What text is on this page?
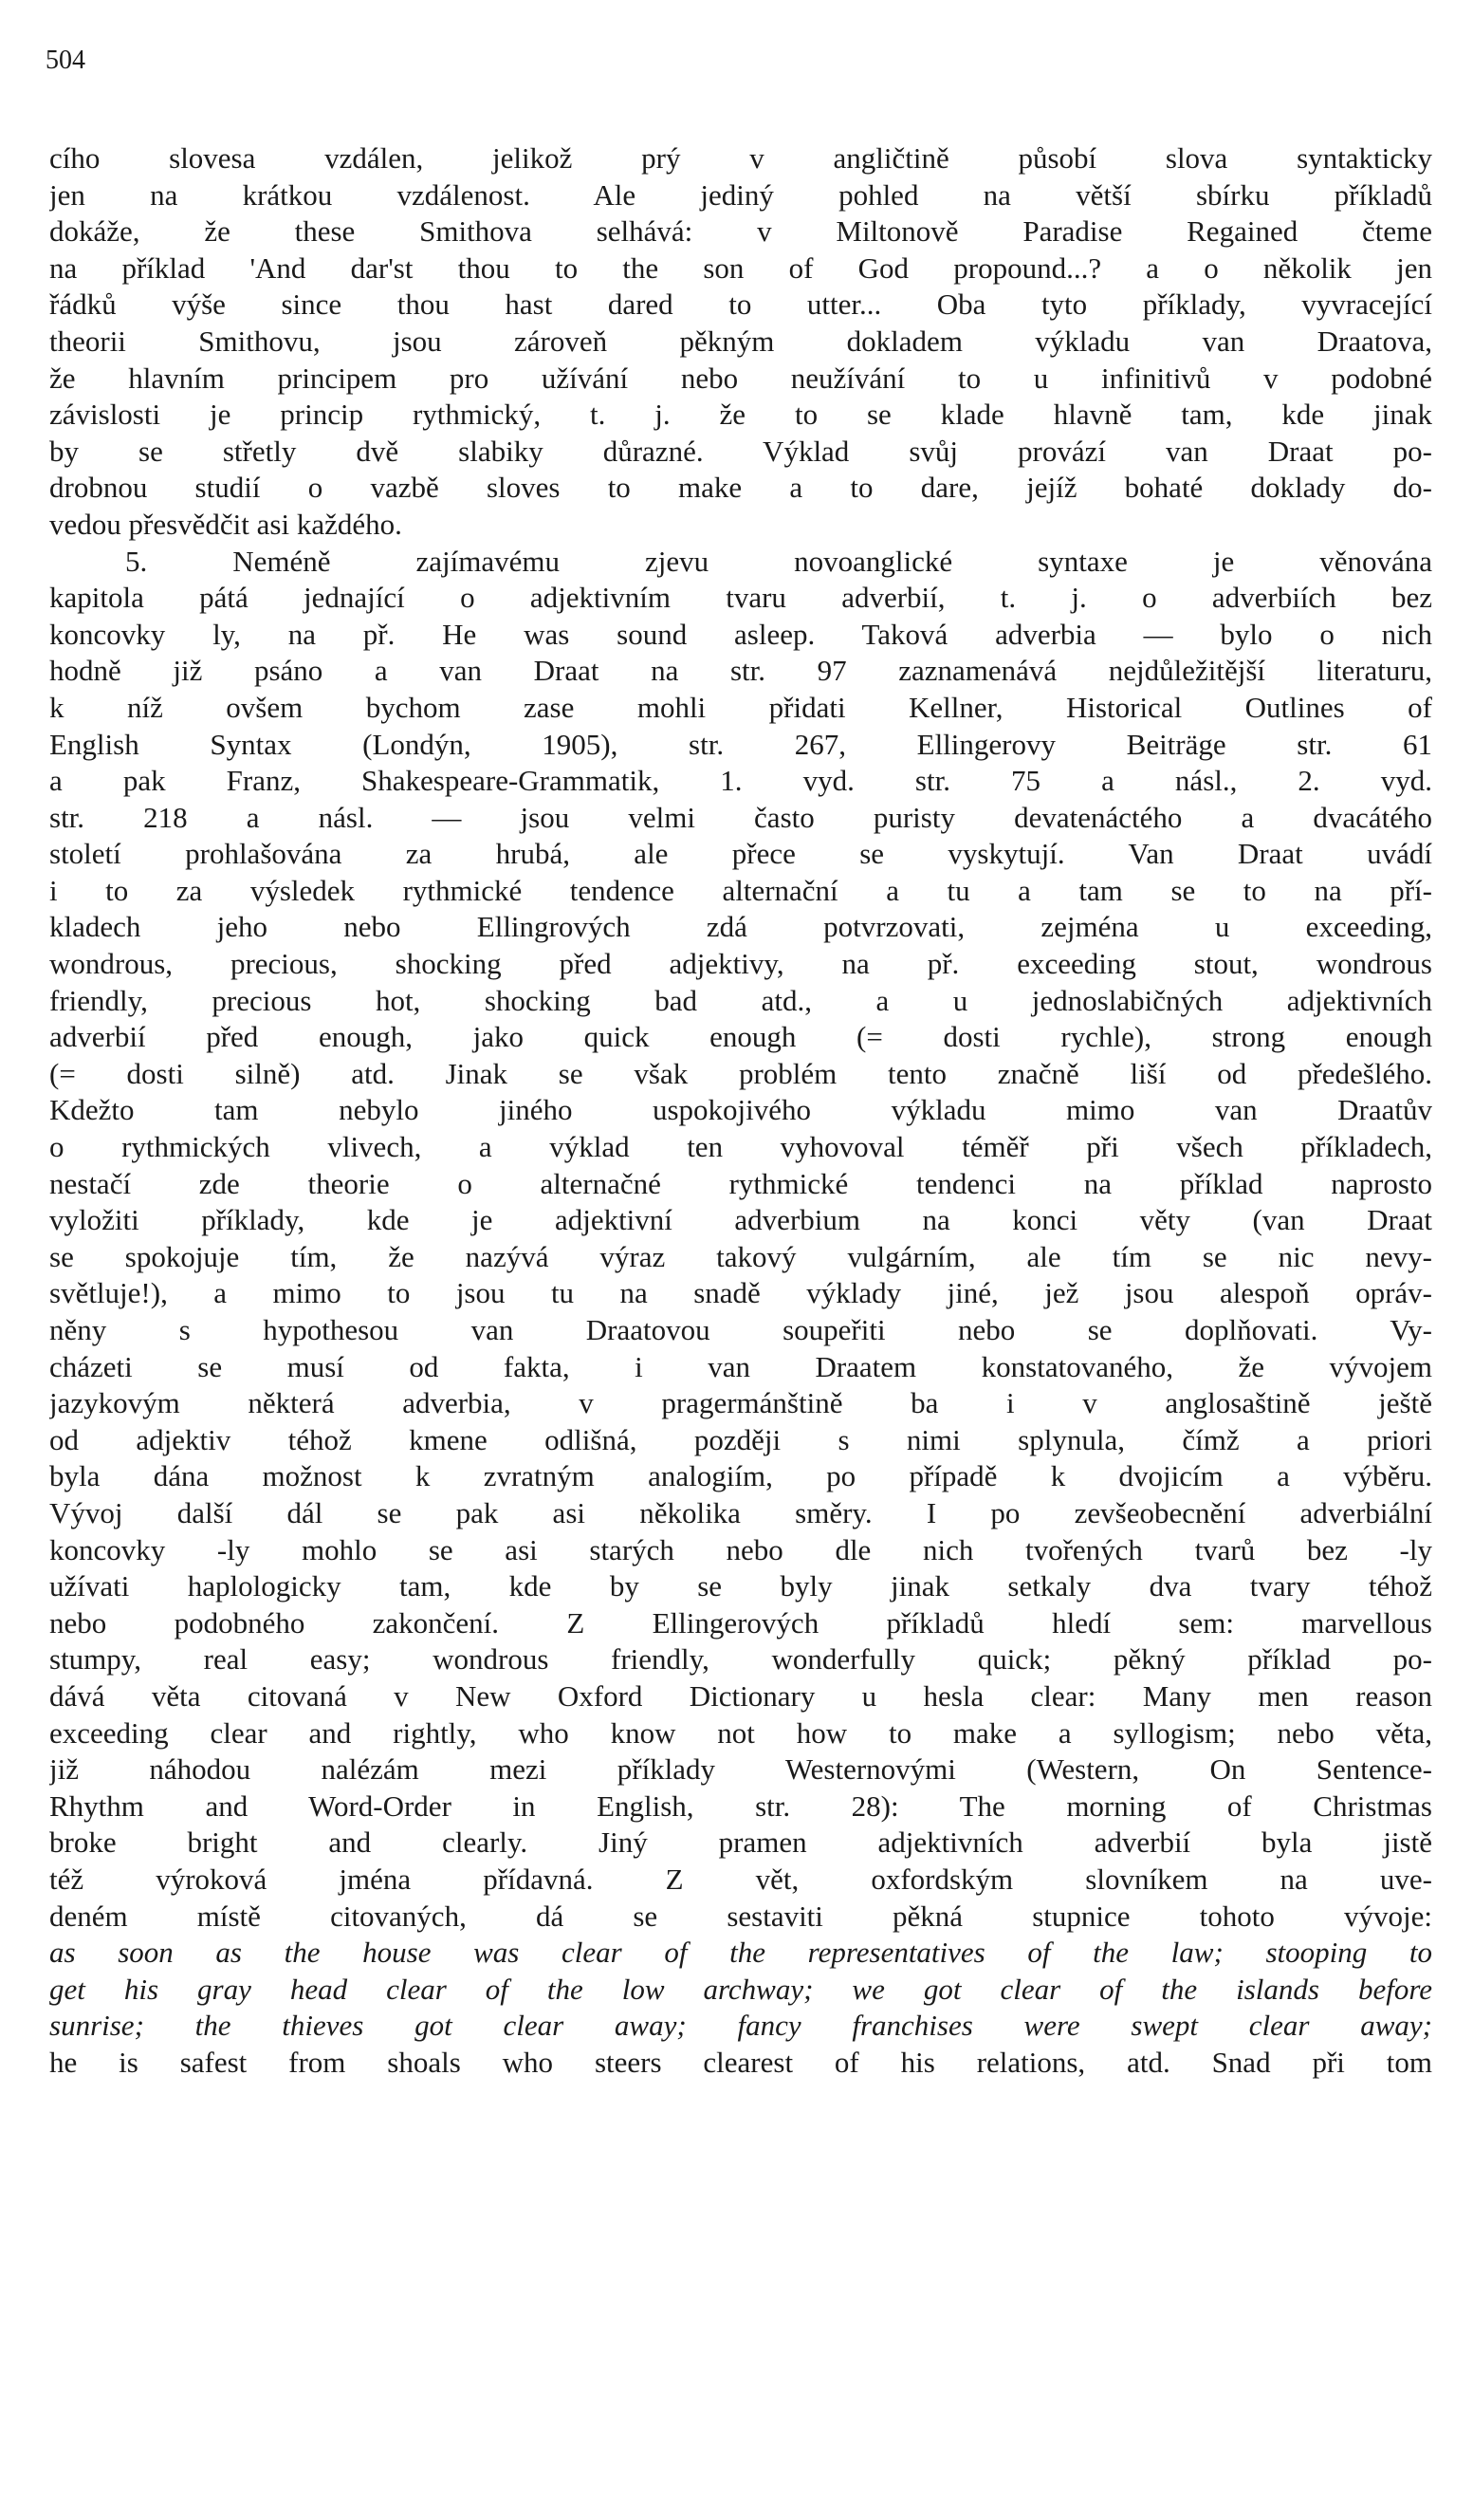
504
cího slovesa vzdálen, jelikož prý v angličtině působí slova syntakticky
jen na krátkou vzdálenost. Ale jediný pohled na větší sbírku příkladů
dokáže, že these Smithova selhává: v Miltonově Paradise Regained čteme
na příklad 'And dar'st thou to the son of God propound...? a o několik jen
řádků výše since thou hast dared to utter... Oba tyto příklady, vyvracející
theorii Smithovu, jsou zároveň pěkným dokladem výkladu van Draatova,
že hlavním principem pro užívání nebo neužívání to u infinitivů v podobné
závislosti je princip rythmický, t. j. že to se klade hlavně tam, kde jinak
by se střetly dvě slabiky důrazné. Výklad svůj provází van Draat po-
drobnou studií o vazbě sloves to make a to dare, jejíž bohaté doklady do-
vedou přesvědčit asi každého.
5. Neméně zajímavému zjevu novoanglické syntaxe je věnována
kapitola pátá jednající o adjektivním tvaru adverbií, t. j. o adverbiích bez
koncovky ly, na př. He was sound asleep. Taková adverbia — bylo o nich
hodně již psáno a van Draat na str. 97 zaznamenává nejdůležitější literaturu,
k níž ovšem bychom zase mohli přidati Kellner, Historical Outlines of
English Syntax (Londýn, 1905), str. 267, Ellingerovy Beiträge str. 61
a pak Franz, Shakespeare-Grammatik, 1. vyd. str. 75 a násl., 2. vyd.
str. 218 a násl. — jsou velmi často puristy devatenáctého a dvacátého
století prohlašována za hrubá, ale přece se vyskytují. Van Draat uvádí
i to za výsledek rythmické tendence alternační a tu a tam se to na pří-
kladech jeho nebo Ellingrových zdá potvrzovati, zejména u exceeding,
wondrous, precious, shocking před adjektivy, na př. exceeding stout, wondrous
friendly, precious hot, shocking bad atd., a u jednoslabičných adjektivních
adverbií před enough, jako quick enough (= dosti rychle), strong enough
(= dosti silně) atd. Jinak se však problém tento značně liší od předešlého.
Kdežto tam nebylo jiného uspokojivého výkladu mimo van Draatův
o rythmických vlivech, a výklad ten vyhovoval téměř při všech příkladech,
nestačí zde theorie o alternačné rythmické tendenci na příklad naprosto
vyložiti příklady, kde je adjektivní adverbium na konci věty (van Draat
se spokojuje tím, že nazývá výraz takový vulgárním, ale tím se nic nevy-
světluje!), a mimo to jsou tu na snadě výklady jiné, jež jsou alespoň opráv-
něny s hypothesou van Draatovou soupeřiti nebo se doplňovati. Vy-
cházeti se musí od fakta, i van Draatem konstatovaného, že vývojem
jazykovým některá adverbia, v pragermánštině ba i v anglosaštině ještě
od adjektiv téhož kmene odlišná, později s nimi splynula, čímž a priori
byla dána možnost k zvratným analogiím, po případě k dvojicím a výběru.
Vývoj další dál se pak asi několika směry. I po zevšeobecnění adverbiální
koncovky -ly mohlo se asi starých nebo dle nich tvořených tvarů bez -ly
užívati haplologicky tam, kde by se byly jinak setkaly dva tvary téhož
nebo podobného zakončení. Z Ellingerových příkladů hledí sem: marvellous
stumpy, real easy; wondrous friendly, wonderfully quick; pěkný příklad po-
dává věta citovaná v New Oxford Dictionary u hesla clear: Many men reason
exceeding clear and rightly, who know not how to make a syllogism; nebo věta,
již náhodou nalézám mezi příklady Westernovými (Western, On Sentence-
Rhythm and Word-Order in English, str. 28): The morning of Christmas
broke bright and clearly. Jiný pramen adjektivních adverbií byla jistě
též výroková jména přídavná. Z vět, oxfordským slovníkem na uve-
deném místě citovaných, dá se sestaviti pěkná stupnice tohoto vývoje:
as soon as the house was clear of the representatives of the law; stooping to
get his gray head clear of the low archway; we got clear of the islands before
sunrise; the thieves got clear away; fancy franchises were swept clear away;
he is safest from shoals who steers clearest of his relations, atd. Snad při tom
